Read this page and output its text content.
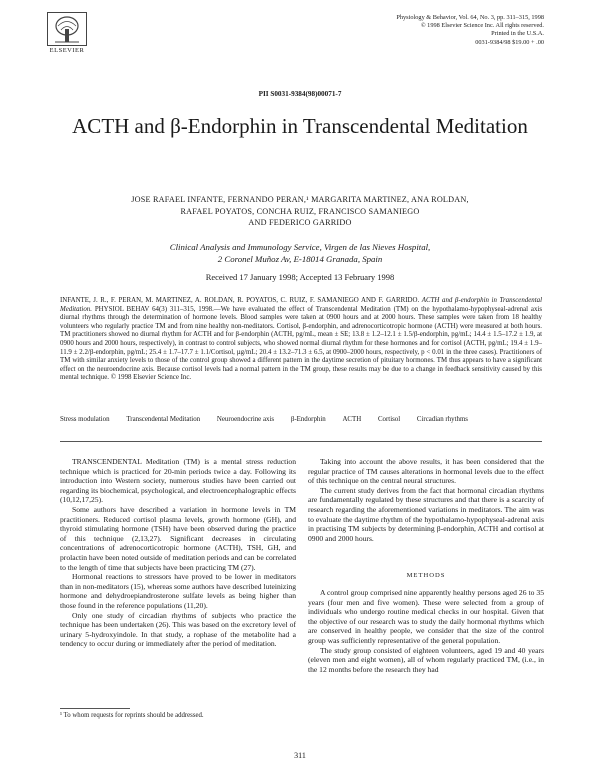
ELSEVIER
Physiology & Behavior, Vol. 64, No. 3, pp. 311–315, 1998
© 1998 Elsevier Science Inc. All rights reserved.
Printed in the U.S.A.
0031-9384/98 $19.00 + .00
PII S0031-9384(98)00071-7
ACTH and β-Endorphin in Transcendental Meditation
JOSE RAFAEL INFANTE, FERNANDO PERAN,¹ MARGARITA MARTINEZ, ANA ROLDAN,
RAFAEL POYATOS, CONCHA RUIZ, FRANCISCO SAMANIEGO
AND FEDERICO GARRIDO
Clinical Analysis and Immunology Service, Virgen de las Nieves Hospital,
2 Coronel Muñoz Av, E-18014 Granada, Spain
Received 17 January 1998; Accepted 13 February 1998
INFANTE, J. R., F. PERAN, M. MARTINEZ, A. ROLDAN, R. POYATOS, C. RUIZ, F. SAMANIEGO AND F. GARRIDO. ACTH and β-endorphin in Transcendental Meditation. PHYSIOL BEHAV 64(3) 311–315, 1998.—We have evaluated the effect of Transcendental Meditation (TM) on the hypothalamo-hypophyseal-adrenal axis diurnal rhythms through the determination of hormone levels. Blood samples were taken at 0900 hours and at 2000 hours. These samples were taken from 18 healthy volunteers who regularly practice TM and from nine healthy non-meditators. Cortisol, β-endorphin, and adrenocorticotropic hormone (ACTH) were measured at both hours. TM practitioners showed no diurnal rhythm for ACTH and for β-endorphin (ACTH, pg/mL, mean ± SE; 13.8 ± 1.2–12.1 ± 1.5/β-endorphin, pg/mL; 14.4 ± 1.5–17.2 ± 1.9, at 0900 hours and 2000 hours, respectively), in contrast to control subjects, who showed normal diurnal rhythm for these hormones and for cortisol (ACTH, pg/mL; 19.4 ± 1.9–11.9 ± 2.2/β-endorphin, pg/mL; 25.4 ± 1.7–17.7 ± 1.1/Cortisol, µg/mL; 20.4 ± 13.2–71.3 ± 6.5, at 0900–2000 hours, respectively, p < 0.01 in the three cases). Practitioners of TM with similar anxiety levels to those of the control group showed a different pattern in the daytime secretion of pituitary hormones. TM thus appears to have a significant effect on the neuroendocrine axis. Because cortisol levels had a normal pattern in the TM group, these results may be due to a change in feedback sensitivity caused by this mental technique. © 1998 Elsevier Science Inc.
Stress modulation Transcendental Meditation Neuroendocrine axis β-Endorphin ACTH Cortisol Circadian rhythms

TRANSCENDENTAL Meditation (TM) is a mental stress reduction technique which is practiced for 20-min periods twice a day. Following its introduction into Western society, numerous studies have been carried out regarding its biochemical, psychological, and electroencephalographic effects (10,12,17,25).

Some authors have described a variation in hormone levels in TM practitioners. Reduced cortisol plasma levels, growth hormone (GH), and thyroid stimulating hormone (TSH) have been observed during the practice of this technique (2,13,27). Significant decreases in circulating concentrations of adrenocorticotropic hormone (ACTH), TSH, GH, and prolactin have been noted outside of meditation periods and can be correlated to the length of time that subjects have been practicing TM (27).

Hormonal reactions to stressors have proved to be lower in meditators than in non-meditators (15), whereas some authors have described luteinizing hormone and dehydroepiandrosterone sulfate levels as being higher than those found in the reference populations (11,20).

Only one study of circadian rhythms of subjects who practice the technique has been undertaken (26). This was based on the excretory level of urinary 5-hydroxyindole. In that study, a rophase of the metabolite had a tendency to occur during or immediately after the period of meditation.

Taking into account the above results, it has been considered that the regular practice of TM causes alterations in hormonal levels due to the effect of this technique on the central neural structures.

The current study derives from the fact that hormonal circadian rhythms are fundamentally regulated by these structures and that there is a scarcity of research regarding the aforementioned variations in meditators. The aim was to evaluate the daytime rhythm of the hypothalamo-hypophyseal-adrenal axis in practising TM subjects by determining β-endorphin, ACTH and cortisol at 0900 and 2000 hours.

METHODS

A control group comprised nine apparently healthy persons aged 26 to 35 years (four men and five women). These were selected from a group of individuals who undergo routine medical checks in our hospital. Given that the objective of our research was to study the daily hormonal rhythms which are conserved in healthy people, we consider that the size of the control group was sufficiently representative of the general population.

The study group consisted of eighteen volunteers, aged 19 and 40 years (eleven men and eight women), all of whom regularly practiced TM, (i.e., in the 12 months before the research they had

¹ To whom requests for reprints should be addressed.
311
